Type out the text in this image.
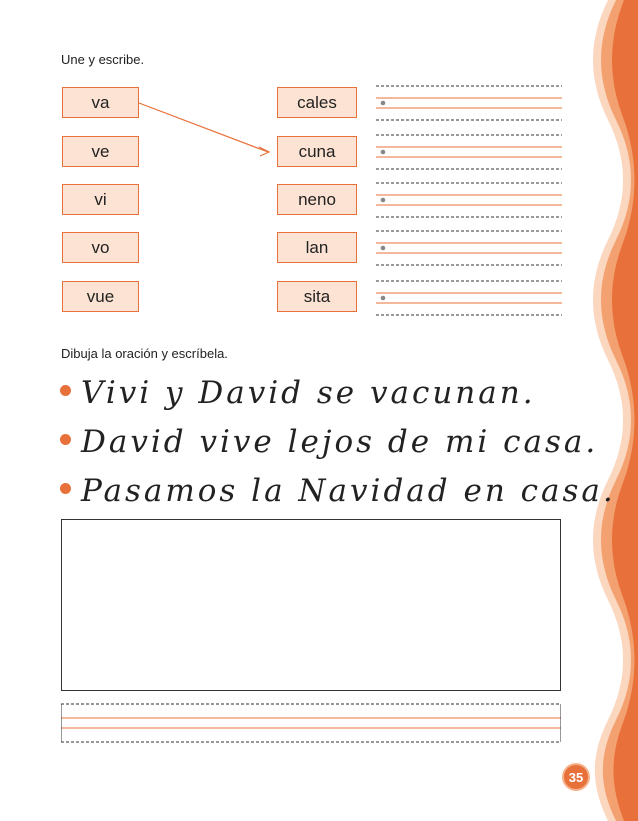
Une y escribe.
va
ve
vi
vo
vue
cales
cuna
neno
lan
sita
Dibuja la oración y escríbela.
Vivi y David se vacunan.
David vive lejos de mi casa.
Pasamos la Navidad en casa.
35
